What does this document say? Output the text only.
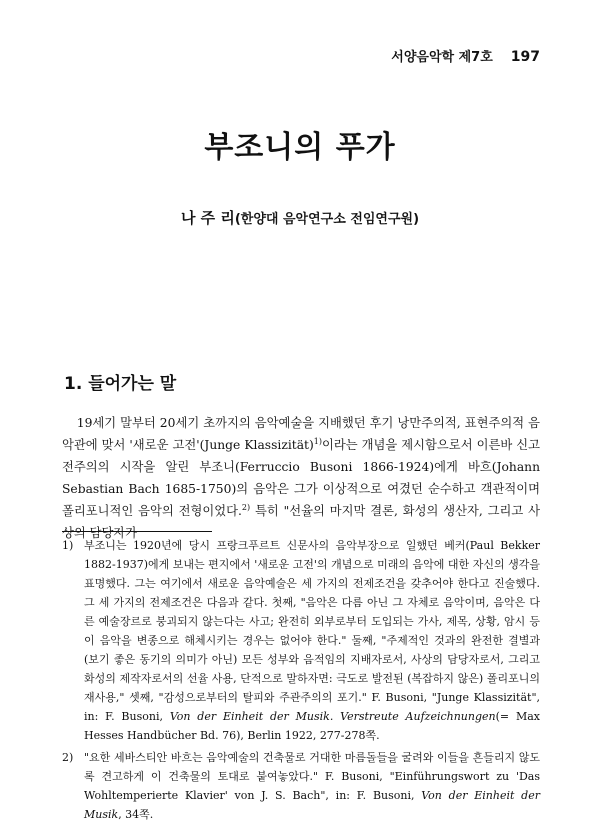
서양음악학 제7호 197
부조니의 푸가
나 주 리(한양대 음악연구소 전임연구원)
1. 들어가는 말

19세기 말부터 20세기 초까지의 음악예술을 지배했던 후기 낭만주의적, 표현주의적 음악관에 맞서 '새로운 고전'(Junge Klassizität)$^{1)}$이라는 개념을 제시함으로서 이른바 신고전주의의 시작을 알린 부조니(Ferruccio Busoni 1866-1924)에게 바흐(Johann Sebastian Bach 1685-1750)의 음악은 그가 이상적으로 여겼던 순수하고 객관적이며 폴리포니적인 음악의 전형이었다.$^{2)}$ 특히 "선율의 마지막 결론, 화성의 생산자, 그리고 사상의 담당자가

1) 부조니는 1920년에 당시 프랑크푸르트 신문사의 음악부장으로 일했던 베커(Paul Bekker 1882-1937)에게 보내는 편지에서 '새로운 고전'의 개념으로 미래의 음악에 대한 자신의 생각을 표명했다. 그는 여기에서 새로운 음악예술은 세 가지의 전제조건을 갖추어야 한다고 진술했다. 그 세 가지의 전제조건은 다음과 같다. 첫째, "음악은 다름 아닌 그 자체로 음악이며, 음악은 다른 예술장르로 붕괴되지 않는다는 사고; 완전히 외부로부터 도입되는 가사, 제목, 상황, 암시 등이 음악을 변종으로 해체시키는 경우는 없어야 한다." 둘째, "주제적인 것과의 완전한 결별과 (보기 좋은 동기의 의미가 아닌) 모든 성부와 음적임의 지배자로서, 사상의 담당자로서, 그리고 화성의 제작자로서의 선율 사용, 단적으로 말하자면: 극도로 발전된 (복잡하지 않은) 폴리포니의 재사용," 셋째, "감성으로부터의 탈피와 주관주의의 포기." F. Busoni, "Junge Klassizität", in: F. Busoni, Von der Einheit der Musik. Verstreute Aufzeichnungen(= Max Hesses Handbücher Bd. 76), Berlin 1922, 277-278쪽.
2) "요한 세바스티안 바흐는 음악예술의 건축물로 거대한 마름돌들을 굴려와 이들을 흔들리지 않도록 견고하게 이 건축물의 토대로 붙여놓았다." F. Busoni, "Einführungswort zu 'Das Wohltemperierte Klavier' von J. S. Bach", in: F. Busoni, Von der Einheit der Musik, 34쪽.
